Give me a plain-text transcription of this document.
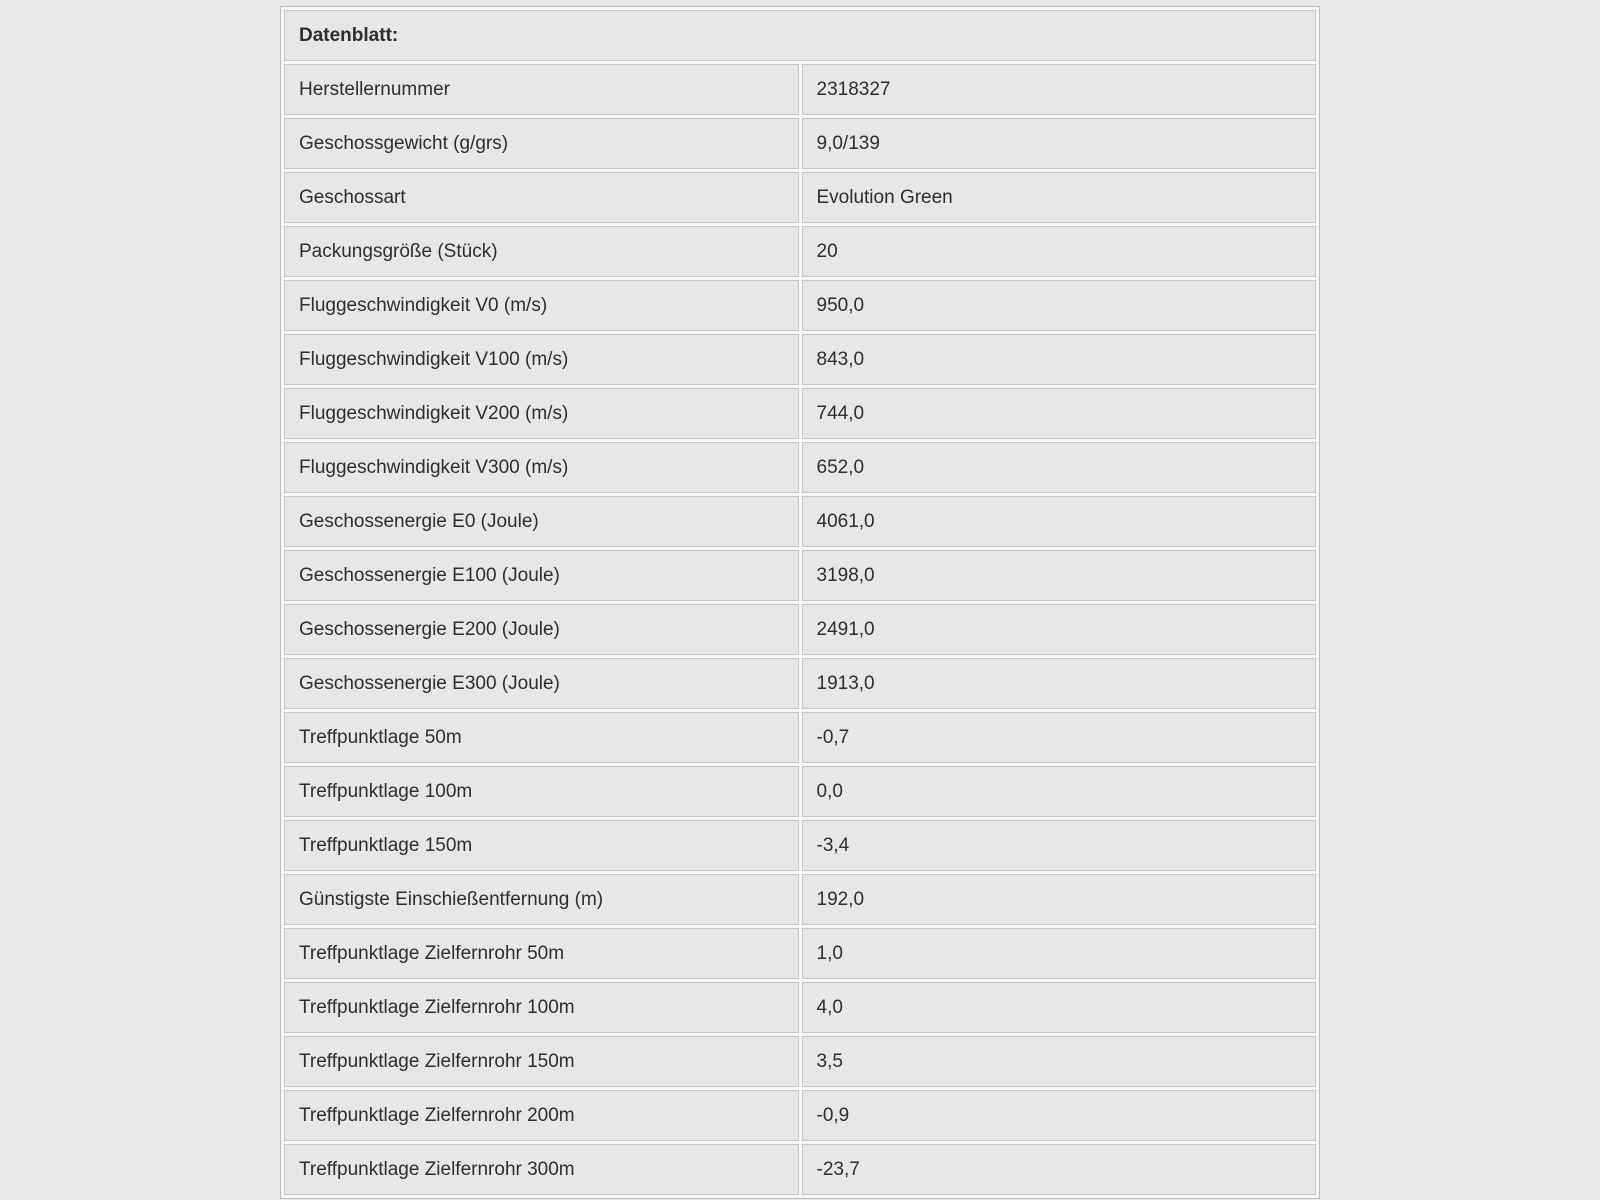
Datenblatt:	
Herstellernummer	2318327
Geschossgewicht (g/grs)	9,0/139
Geschossart	Evolution Green
Packungsgröße (Stück)	20
Fluggeschwindigkeit V0 (m/s)	950,0
Fluggeschwindigkeit V100 (m/s)	843,0
Fluggeschwindigkeit V200 (m/s)	744,0
Fluggeschwindigkeit V300 (m/s)	652,0
Geschossenergie E0 (Joule)	4061,0
Geschossenergie E100 (Joule)	3198,0
Geschossenergie E200 (Joule)	2491,0
Geschossenergie E300 (Joule)	1913,0
Treffpunktlage 50m	-0,7
Treffpunktlage 100m	0,0
Treffpunktlage 150m	-3,4
Günstigste Einschießentfernung (m)	192,0
Treffpunktlage Zielfernrohr 50m	1,0
Treffpunktlage Zielfernrohr 100m	4,0
Treffpunktlage Zielfernrohr 150m	3,5
Treffpunktlage Zielfernrohr 200m	-0,9
Treffpunktlage Zielfernrohr 300m	-23,7
